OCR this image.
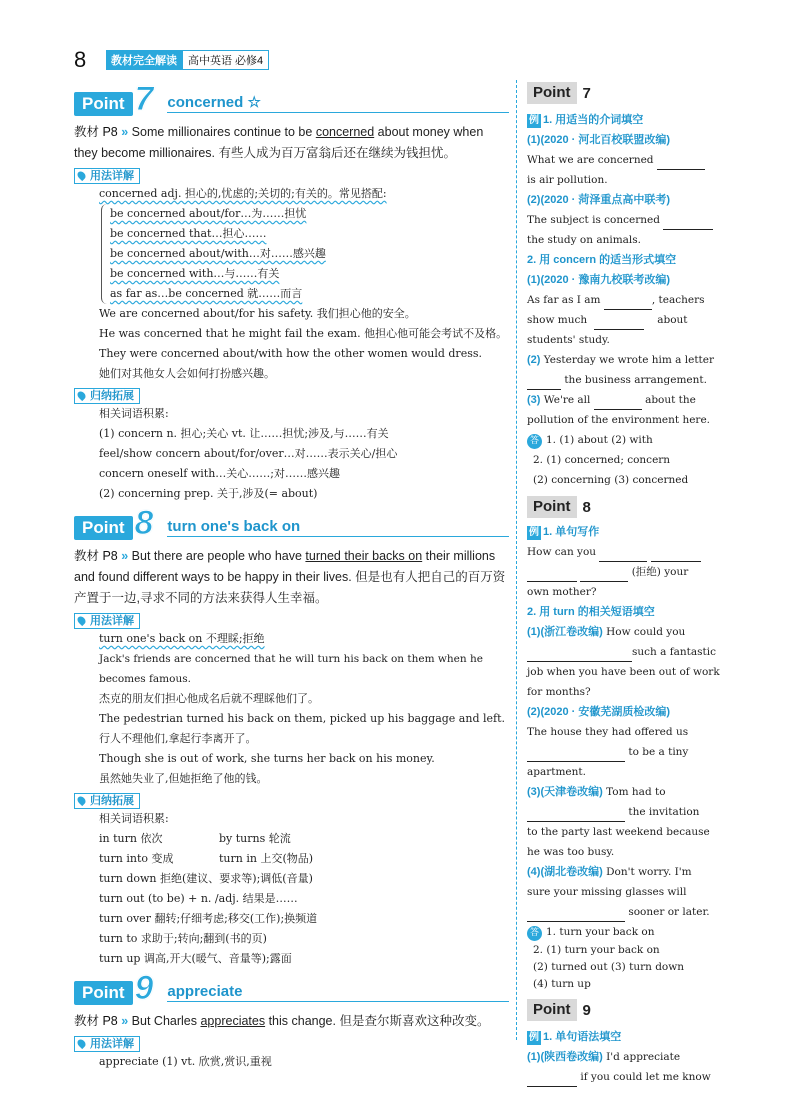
8	教材完全解读	高中英语 必修4
Point 7 concerned ☆
教材 P8 » Some millionaires continue to be concerned about money when they become millionaires. 有些人成为百万富翁后还在继续为钱担忧。
用法详解
concerned adj. 担心的,忧虑的;关切的;有关的。常见搭配:
be concerned about/for…为……担忧
be concerned that…担心……
be concerned about/with…对……感兴趣
be concerned with…与……有关
as far as…be concerned 就……而言
We are concerned about/for his safety. 我们担心他的安全。
He was concerned that he might fail the exam. 他担心他可能会考试不及格。
They were concerned about/with how the other women would dress.
她们对其他女人会如何打扮感兴趣。
归纳拓展
相关词语积累:
(1) concern n. 担心;关心 vt. 让……担忧;涉及,与……有关
feel/show concern about/for/over…对……表示关心/担心
concern oneself with…关心……;对……感兴趣
(2) concerning prep. 关于,涉及(= about)
Point 8 turn one's back on
教材 P8 » But there are people who have turned their backs on their millions and found different ways to be happy in their lives. 但是也有人把自己的百万资产置于一边,寻求不同的方法来获得人生幸福。
用法详解
turn one's back on 不理睬;拒绝
Jack's friends are concerned that he will turn his back on them when he becomes famous.
杰克的朋友们担心他成名后就不理睬他们了。
The pedestrian turned his back on them, picked up his baggage and left.
行人不理他们,拿起行李离开了。
Though she is out of work, she turns her back on his money.
虽然她失业了,但她拒绝了他的钱。
归纳拓展
相关词语积累:
in turn 依次	by turns 轮流
turn into 变成	turn in 上交(物品)
turn down 拒绝(建议、要求等);调低(音量)
turn out (to be) + n. /adj. 结果是……
turn over 翻转;仔细考虑;移交(工作);换频道
turn to 求助于;转向;翻到(书的页)
turn up 调高,开大(暖气、音量等);露面
Point 9 appreciate
教材 P8 » But Charles appreciates this change. 但是查尔斯喜欢这种改变。
用法详解
appreciate (1) vt. 欣赏,赏识,重视
Point 7
例 1. 用适当的介词填空
(1)(2020 · 河北百校联盟改编)
What we are concerned
is air pollution.
(2)(2020 · 菏泽重点高中联考)
The subject is concerned
the study on animals.
2. 用 concern 的适当形式填空
(1)(2020 · 豫南九校联考改编)
As far as I am	, teachers
show much	about
students' study.
(2) Yesterday we wrote him a letter
the business arrangement.
(3) We're all	about the
pollution of the environment here.
答 1. (1) about (2) with
2. (1) concerned; concern
(2) concerning (3) concerned
Point 8
例 1. 单句写作
How can you
(拒绝) your
own mother?
2. 用 turn 的相关短语填空
(1)(浙江卷改编) How could you
such a fantastic
job when you have been out of work
for months?
(2)(2020 · 安徽芜湖质检改编)
The house they had offered us
to be a tiny
apartment.
(3)(天津卷改编) Tom had to
the invitation
to the party last weekend because
he was too busy.
(4)(湖北卷改编) Don't worry. I'm
sure your missing glasses will
sooner or later.
答 1. turn your back on
2. (1) turn your back on
(2) turned out (3) turn down
(4) turn up
Point 9
例 1. 单句语法填空
(1)(陕西卷改编) I'd appreciate
if you could let me know
